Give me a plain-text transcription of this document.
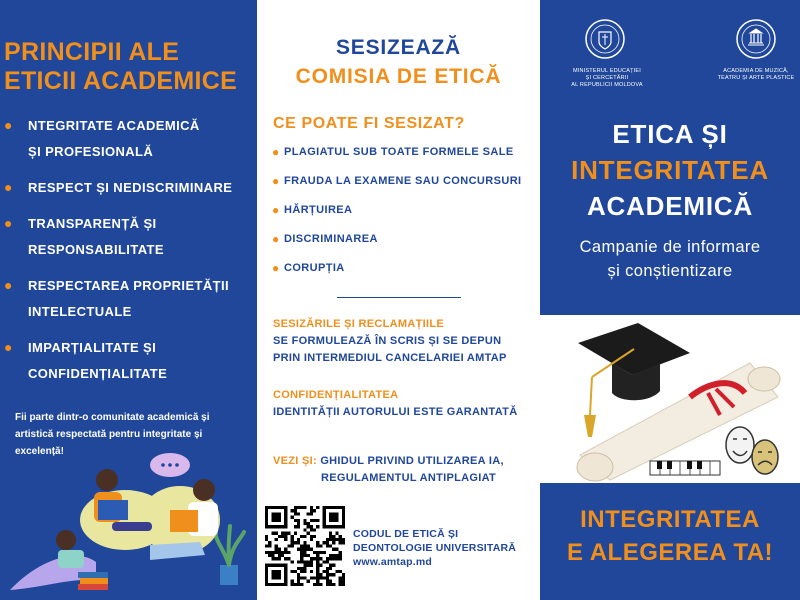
PRINCIPII ALE
ETICII ACADEMICE
● NTEGRITATE ACADEMICĂ
ȘI PROFESIONALĂ
● RESPECT ȘI NEDISCRIMINARE
● TRANSPARENȚĂ ȘI
RESPONSABILITATE
● RESPECTAREA PROPRIETĂȚII
INTELECTUALE
● IMPARȚIALITATE ȘI
CONFIDENȚIALITATE

Fii parte dintr-o comunitate academică și artistică respectată pentru integritate și excelență!

SESIZEAZĂ
COMISIA DE ETICĂ
CE POATE FI SESIZAT?
● PLAGIATUL SUB TOATE FORMELE SALE
● FRAUDA LA EXAMENE SAU CONCURSURI
● HĂRȚUIREA
● DISCRIMINAREA
● CORUPȚIA
SESIZĂRILE ȘI RECLAMAȚIILE
SE FORMULEAZĂ ÎN SCRIS ȘI SE DEPUN
PRIN INTERMEDIUL CANCELARIEI AMTAP
CONFIDENȚIALITATEA
IDENTITĂȚII AUTORULUI ESTE GARANTATĂ
VEZI ȘI: GHIDUL PRIVIND UTILIZAREA IA,
REGULAMENTUL ANTIPLAGIAT
CODUL DE ETICĂ ȘI
DEONTOLOGIE UNIVERSITARĂ
www.amtap.md
MINISTERUL EDUCAȚIEI
ȘI CERCETĂRII
AL REPUBLICII MOLDOVA
ACADEMIA DE MUZICĂ,
TEATRU ȘI ARTE PLASTICE
ETICA ȘI
INTEGRITATEA
ACADEMICĂ
Campanie de informare
și conștientizare
INTEGRITATEA
E ALEGEREA TA!
